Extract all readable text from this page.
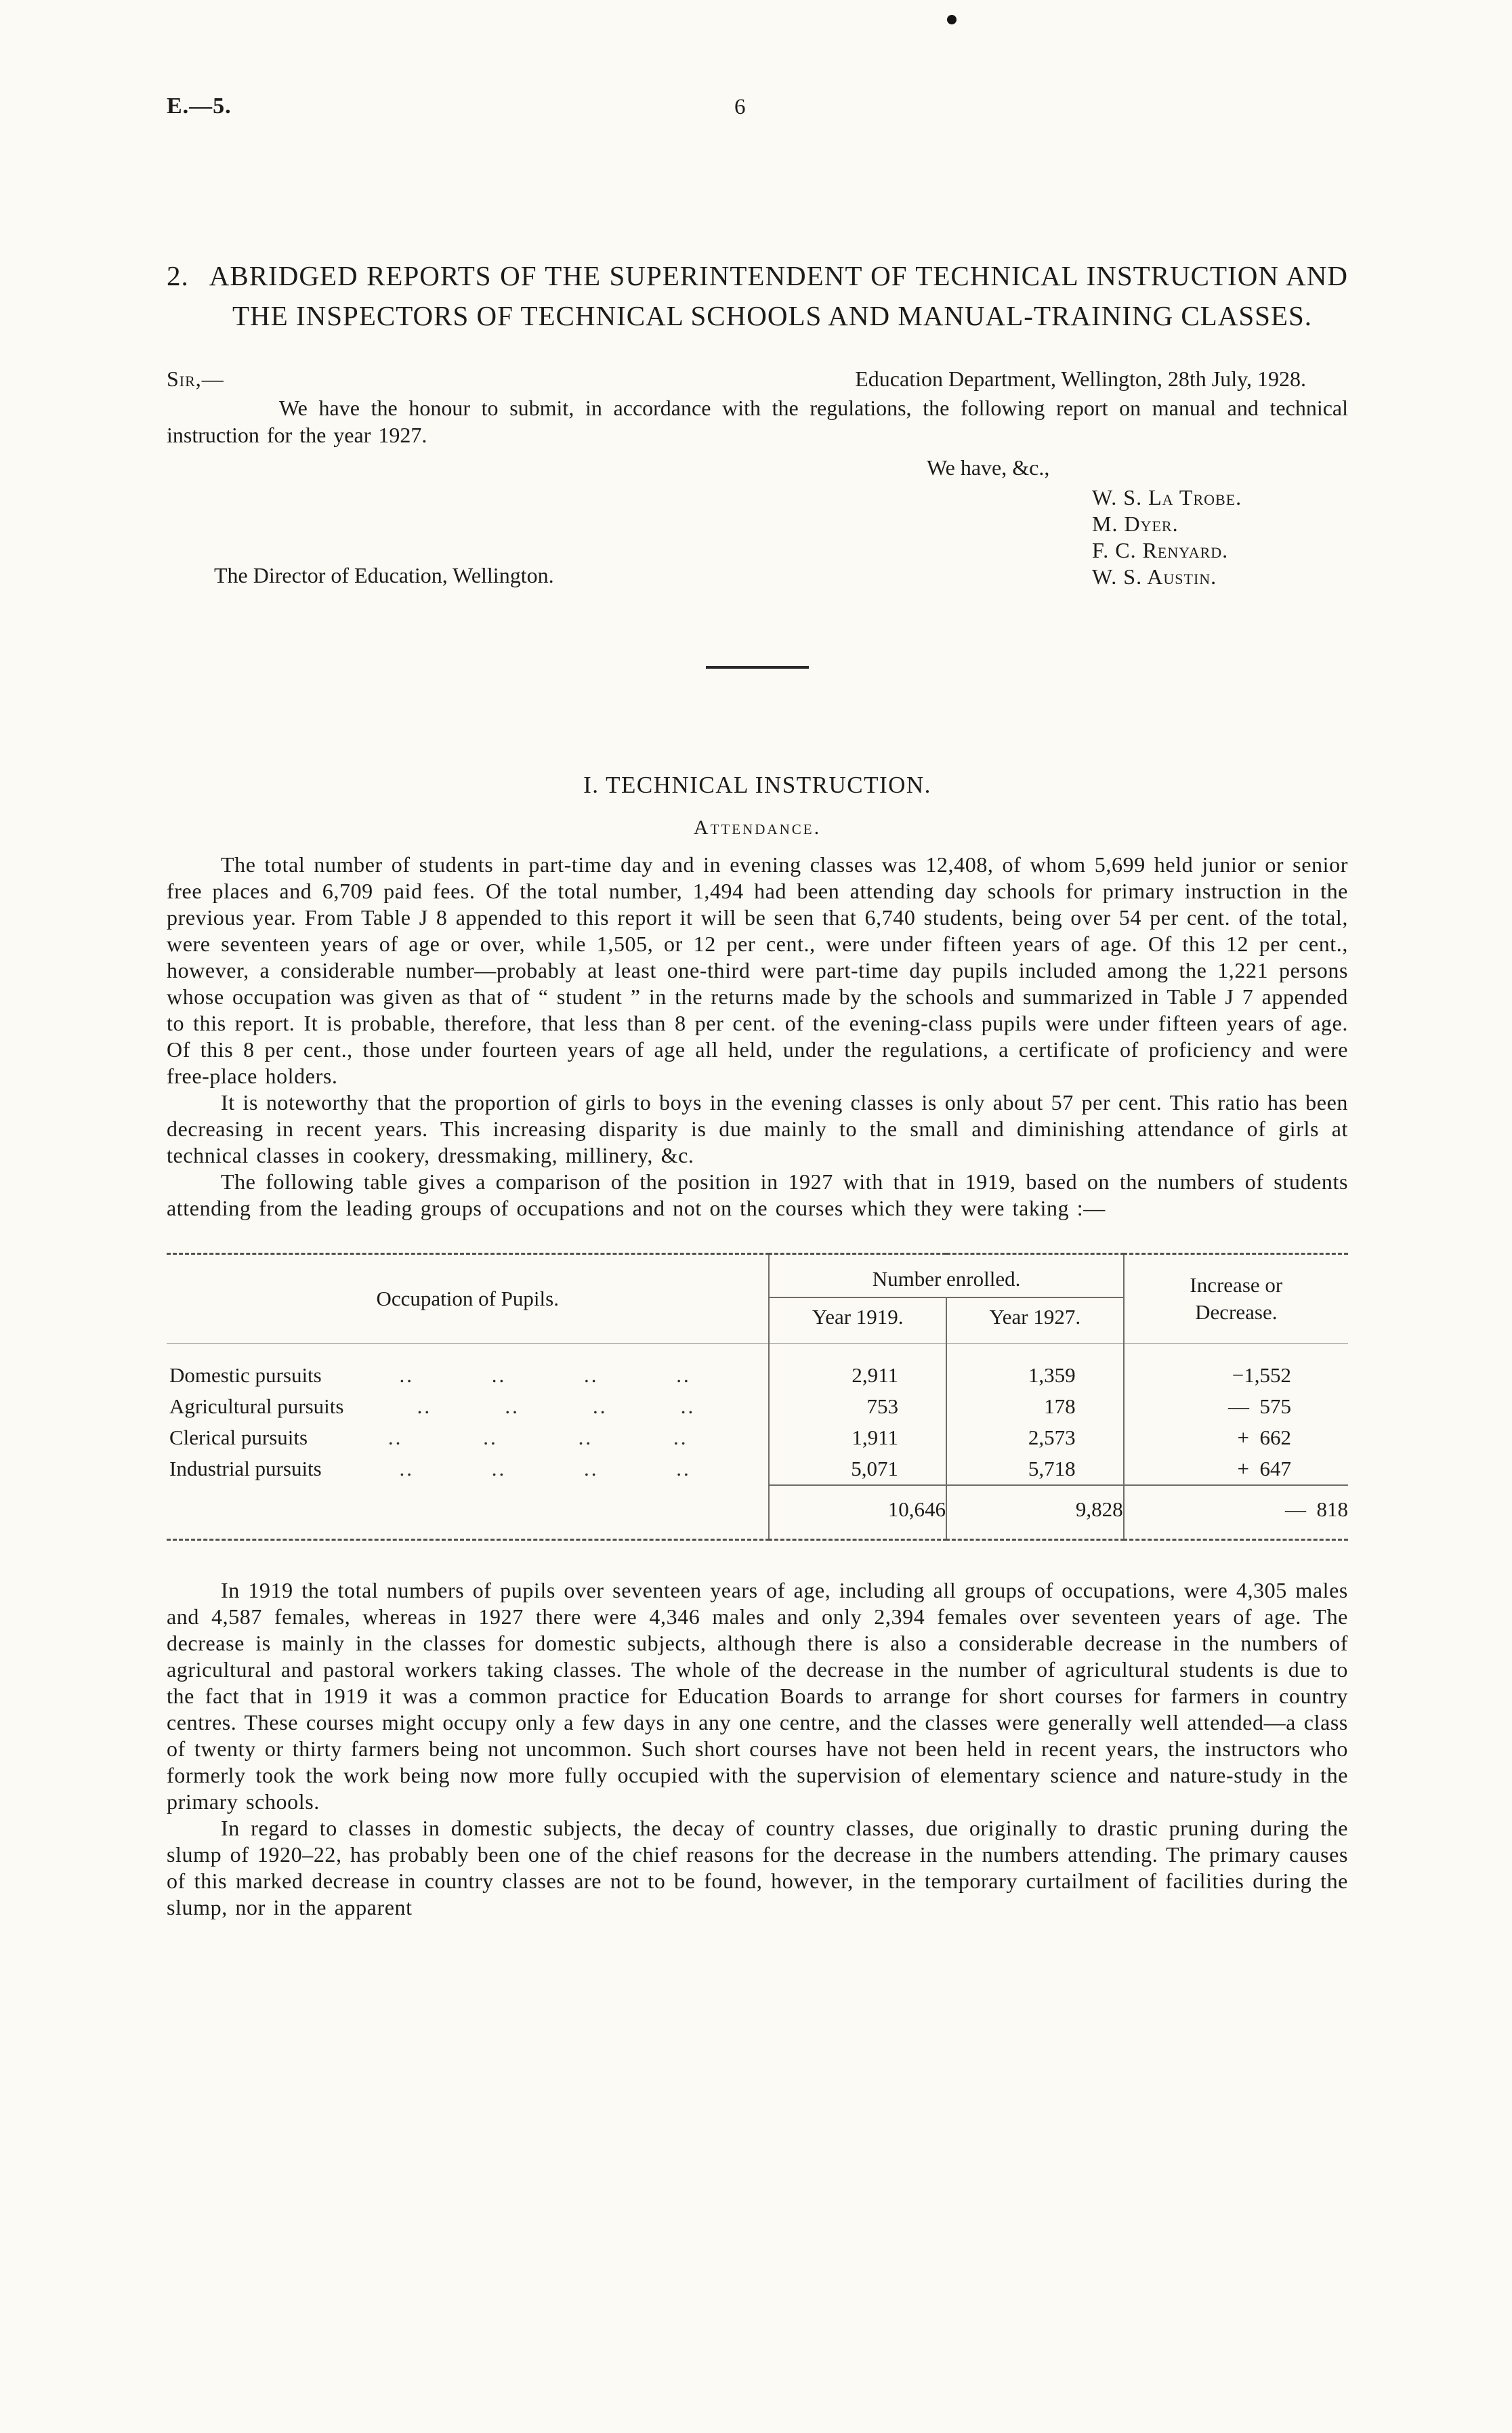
E.—5.	6
2. ABRIDGED REPORTS OF THE SUPERINTENDENT OF TECHNICAL INSTRUCTION AND THE INSPECTORS OF TECHNICAL SCHOOLS AND MANUAL-TRAINING CLASSES.
Sir,—	Education Department, Wellington, 28th July, 1928.

We have the honour to submit, in accordance with the regulations, the following report on manual and technical instruction for the year 1927.

We have, &c.,
W. S. La Trobe.
M. Dyer.
F. C. Renyard.
The Director of Education, Wellington.	W. S. Austin.
I. TECHNICAL INSTRUCTION.
Attendance.

The total number of students in part-time day and in evening classes was 12,408, of whom 5,699 held junior or senior free places and 6,709 paid fees. Of the total number, 1,494 had been attending day schools for primary instruction in the previous year. From Table J 8 appended to this report it will be seen that 6,740 students, being over 54 per cent. of the total, were seventeen years of age or over, while 1,505, or 12 per cent., were under fifteen years of age. Of this 12 per cent., however, a considerable number—probably at least one-third were part-time day pupils included among the 1,221 persons whose occupation was given as that of “ student ” in the returns made by the schools and summarized in Table J 7 appended to this report. It is probable, therefore, that less than 8 per cent. of the evening-class pupils were under fifteen years of age. Of this 8 per cent., those under fourteen years of age all held, under the regulations, a certificate of proficiency and were free-place holders.

It is noteworthy that the proportion of girls to boys in the evening classes is only about 57 per cent. This ratio has been decreasing in recent years. This increasing disparity is due mainly to the small and diminishing attendance of girls at technical classes in cookery, dressmaking, millinery, &c.

The following table gives a comparison of the position in 1927 with that in 1919, based on the numbers of students attending from the leading groups of occupations and not on the courses which they were taking :—

Occupation of Pupils.	Number enrolled.		Increase or Decrease.
	Year 1919.	Year 1927.	

Domestic pursuits .. .. .. ..	2,911	1,359	−1,552

Agricultural pursuits .. .. .. ..	753	178	— 575

Clerical pursuits .. .. .. ..	1,911	2,573	+ 662

Industrial pursuits .. .. .. ..	5,071	5,718	+ 647
	10,646	9,828	— 818

In 1919 the total numbers of pupils over seventeen years of age, including all groups of occupations, were 4,305 males and 4,587 females, whereas in 1927 there were 4,346 males and only 2,394 females over seventeen years of age. The decrease is mainly in the classes for domestic subjects, although there is also a considerable decrease in the numbers of agricultural and pastoral workers taking classes. The whole of the decrease in the number of agricultural students is due to the fact that in 1919 it was a common practice for Education Boards to arrange for short courses for farmers in country centres. These courses might occupy only a few days in any one centre, and the classes were generally well attended—a class of twenty or thirty farmers being not uncommon. Such short courses have not been held in recent years, the instructors who formerly took the work being now more fully occupied with the supervision of elementary science and nature-study in the primary schools.

In regard to classes in domestic subjects, the decay of country classes, due originally to drastic pruning during the slump of 1920–22, has probably been one of the chief reasons for the decrease in the numbers attending. The primary causes of this marked decrease in country classes are not to be found, however, in the temporary curtailment of facilities during the slump, nor in the apparent
